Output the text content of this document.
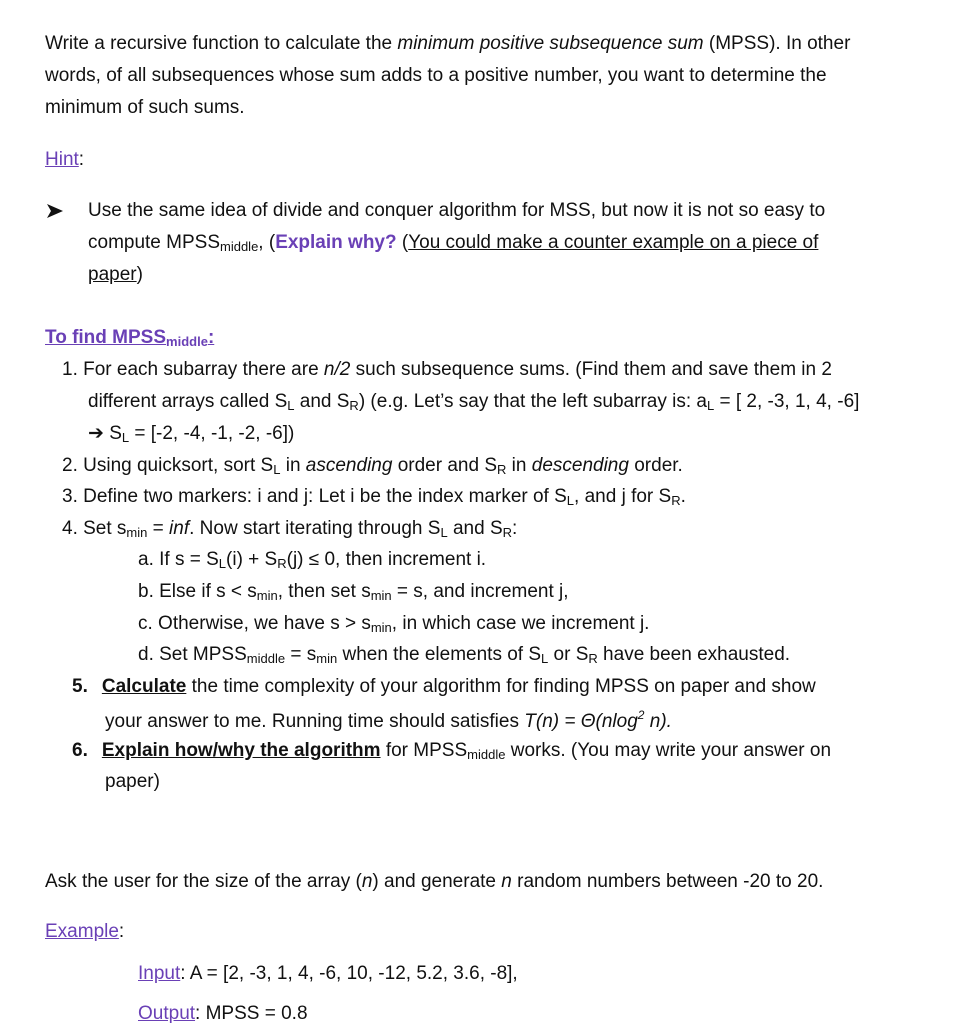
Write a recursive function to calculate the minimum positive subsequence sum (MPSS). In other
words, of all subsequences whose sum adds to a positive number, you want to determine the
minimum of such sums.
Hint:
Use the same idea of divide and conquer algorithm for MSS, but now it is not so easy to
compute $MPSS_{middle}$, (Explain why? (You could make a counter example on a piece of
paper)
To find MPSSmiddle:
1. For each subarray there are n/2 such subsequence sums. (Find them and save them in 2
different arrays called $S_L$ and $S_R$) (e.g. Let’s say that the left subarray is: $a_L$ = [ 2, -3, 1, 4, -6]
➔ $S_L = [-2$, -4, -1, -2, -6])
2. Using quicksort, sort $S_L$ in ascending order and $S_R$ in descending order.
3. Define two markers: i and j: Let i be the index marker of $S_L$, and j for $S_R$.
4. Set $s_{min}$ = inf. Now start iterating through $S_L$ and $S_R$:
a. If $s = S_L(i) + S_R(j) \le 0$, then increment i.
b. Else if $s < s_{min}$, then set $s_{min} = s$, and increment j,
c. Otherwise, we have $s > s_{min}$, in which case we increment j.
d. Set $MPSS_{middle} = s_{min}$ when the elements of $S_L$ or $S_R$ have been exhausted.
5. Calculate the time complexity of your algorithm for finding MPSS on paper and show
your answer to me. Running time should satisfies T(n) = Θ(nlog$^2$ n).
6. Explain how/why the algorithm for $MPSS_{middle}$ works. (You may write your answer on
paper)
Ask the user for the size of the array (n) and generate n random numbers between -20 to 20.
Example:
Input: A = [2, -3, 1, 4, -6, 10, -12, 5.2, 3.6, -8],
Output: MPSS = 0.8
